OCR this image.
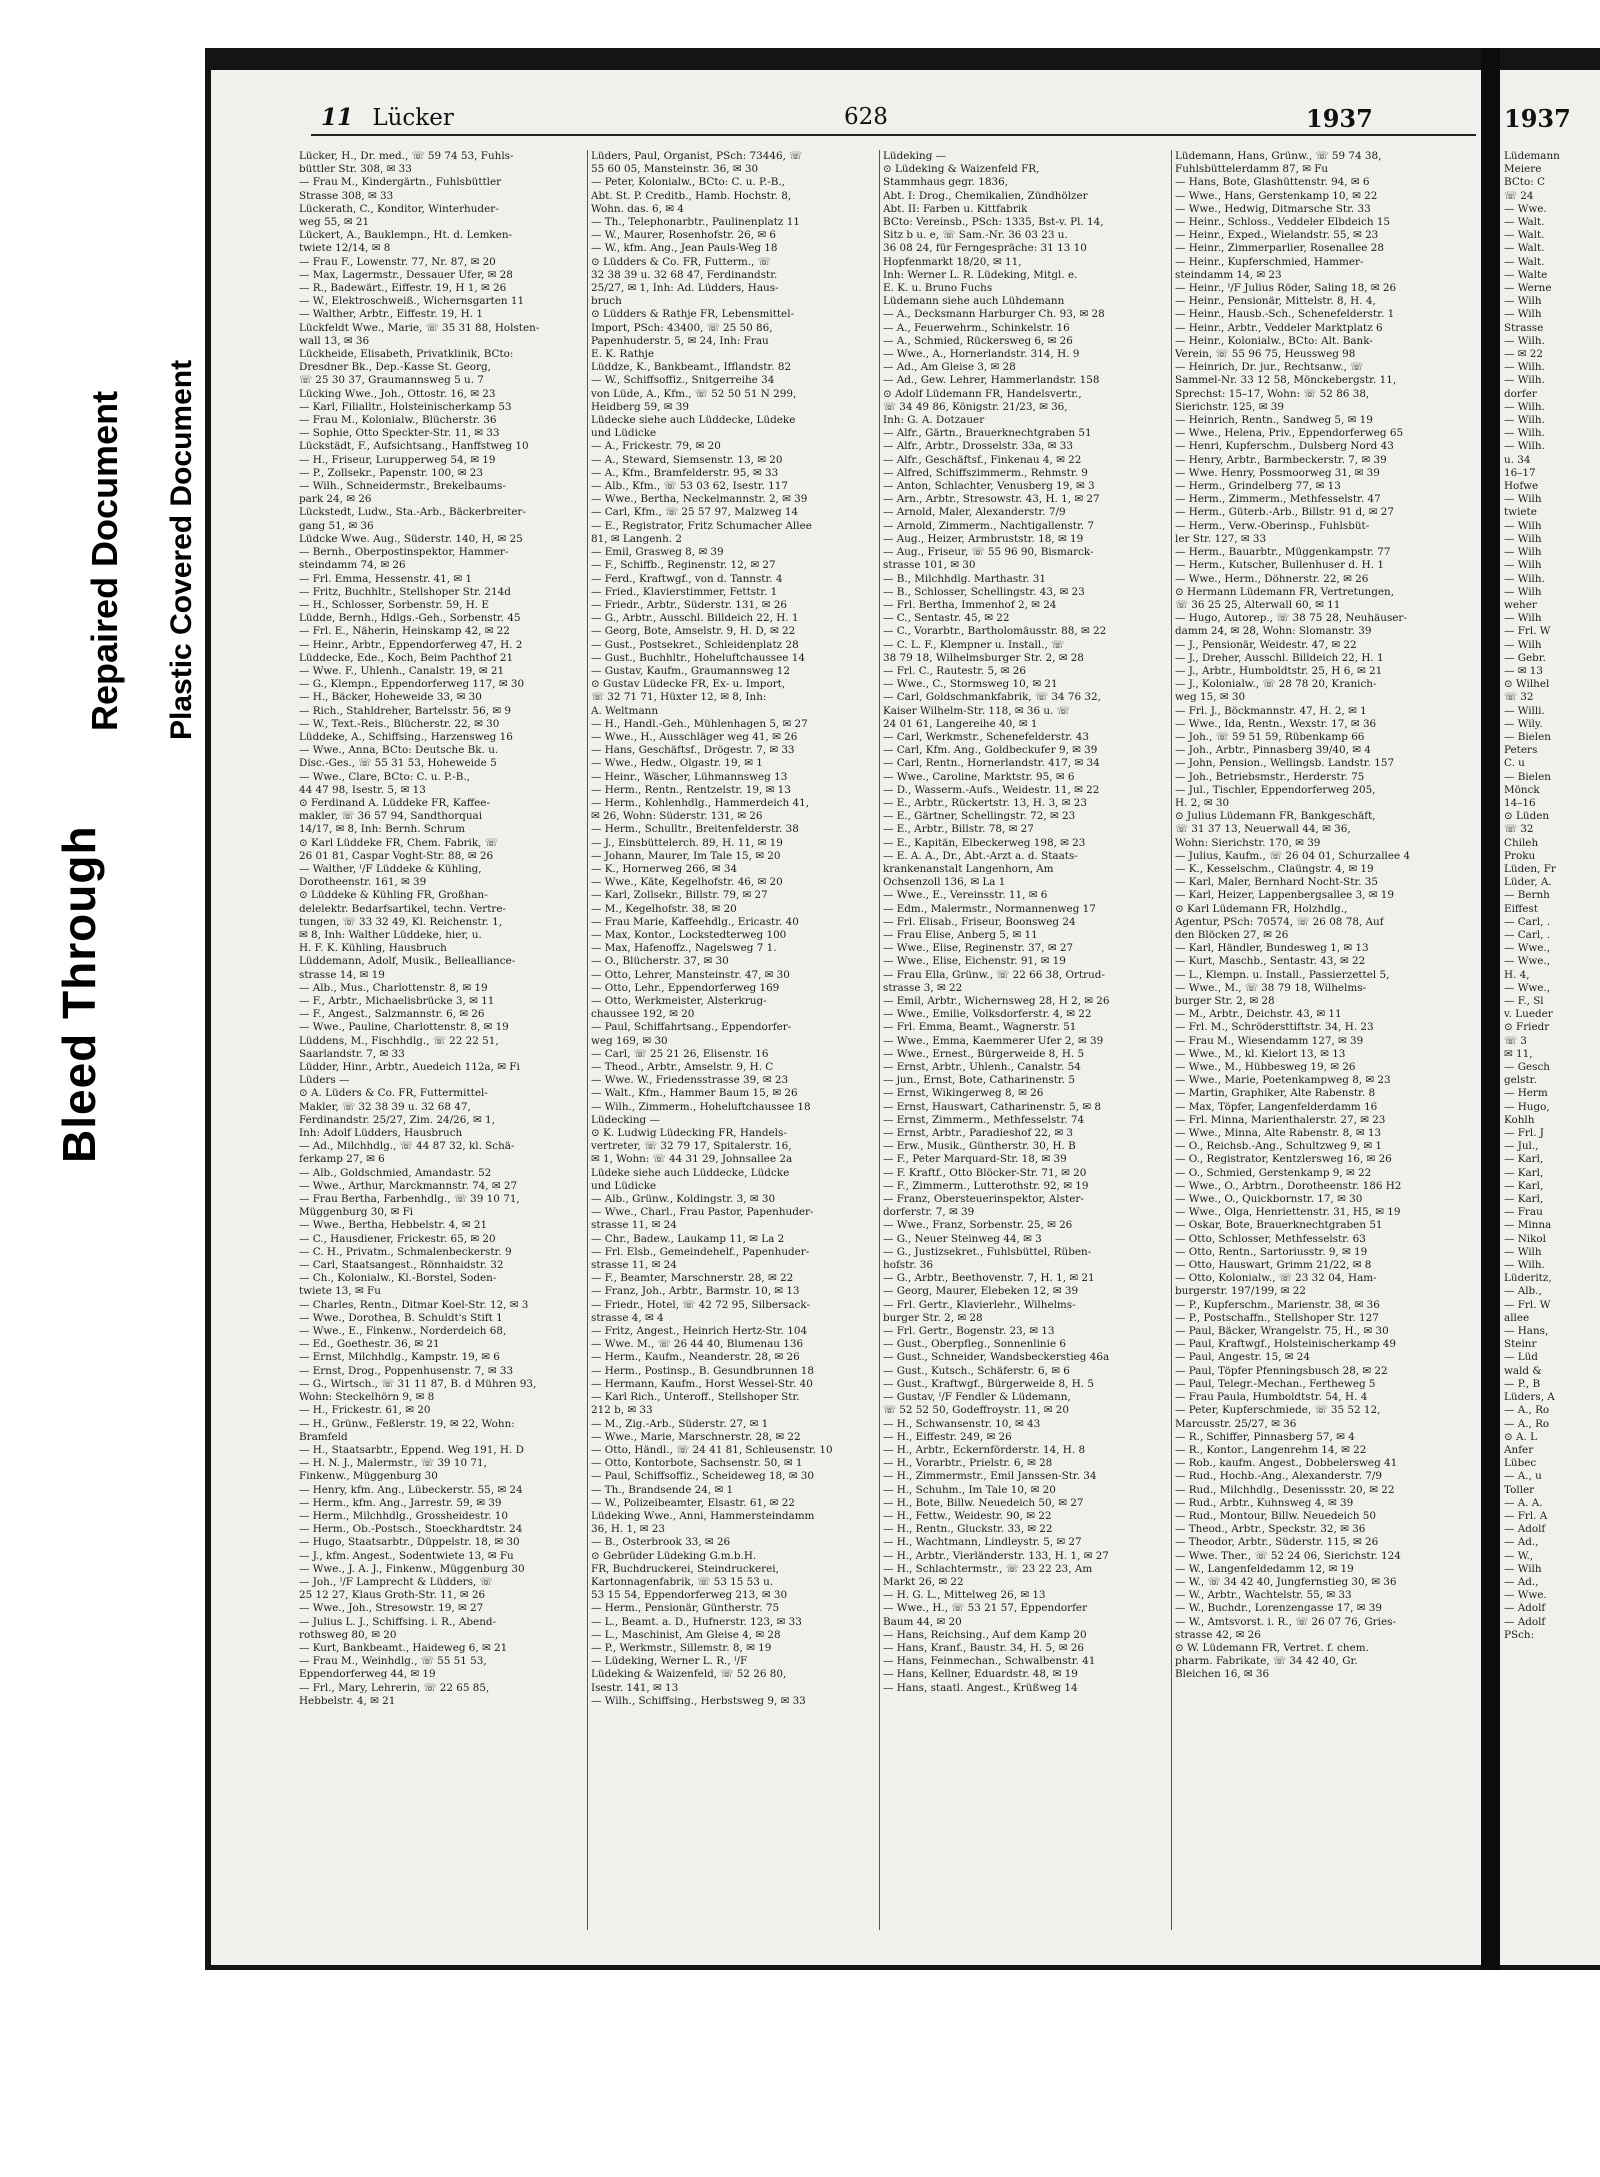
Bleed Through
Repaired Document Plastic Covered Document
11 Lücker	628	1937
Lücker, H., Dr. med., ☏ 59 74 53, Fuhls-
büttler Str. 308, ✉ 33
— Frau M., Kindergärtn., Fuhlsbüttler
Strasse 308, ✉ 33
Lückerath, C., Konditor, Winterhuder-
weg 55, ✉ 21
Lückert, A., Bauklempn., Ht. d. Lemken-
twiete 12/14, ✉ 8
— Frau F., Lowenstr. 77, Nr. 87, ✉ 20
— Max, Lagermstr., Dessauer Ufer, ✉ 28
— R., Badewärt., Eiffestr. 19, H 1, ✉ 26
— W., Elektroschweiß., Wichernsgarten 11
— Walther, Arbtr., Eiffestr. 19, H. 1
Lückfeldt Wwe., Marie, ☏ 35 31 88, Holsten-
wall 13, ✉ 36
Lückheide, Elisabeth, Privatklinik, BCto:
Dresdner Bk., Dep.-Kasse St. Georg,
☏ 25 30 37, Graumannsweg 5 u. 7
Lücking Wwe., Joh., Ottostr. 16, ✉ 23
— Karl, Filialltr., Holsteinischerkamp 53
— Frau M., Kolonialw., Blücherstr. 36
— Sophie, Otto Speckter-Str. 11, ✉ 33
Lückstädt, F., Aufsichtsang., Hanffstweg 10
— H., Friseur, Lurupperweg 54, ✉ 19
— P., Zollsekr., Papenstr. 100, ✉ 23
— Wilh., Schneidermstr., Brekelbaums-
park 24, ✉ 26
Lückstedt, Ludw., Sta.-Arb., Bäckerbreiter-
gang 51, ✉ 36
Lüdcke Wwe. Aug., Süderstr. 140, H, ✉ 25
— Bernh., Oberpostinspektor, Hammer-
steindamm 74, ✉ 26
— Frl. Emma, Hessenstr. 41, ✉ 1
— Fritz, Buchhltr., Stellshoper Str. 214d
— H., Schlosser, Sorbenstr. 59, H. E
Lüdde, Bernh., Hdlgs.-Geh., Sorbenstr. 45
— Frl. E., Näherin, Heinskamp 42, ✉ 22
— Heinr., Arbtr., Eppendorferweg 47, H. 2
Lüddecke, Ede., Koch, Beim Pachthof 21
— Wwe. F., Uhlenh., Canalstr. 19, ✉ 21
— G., Klempn., Eppendorferweg 117, ✉ 30
— H., Bäcker, Hoheweide 33, ✉ 30
— Rich., Stahldreher, Bartelsstr. 56, ✉ 9
— W., Text.-Reis., Blücherstr. 22, ✉ 30
Lüddeke, A., Schiffsing., Harzensweg 16
— Wwe., Anna, BCto: Deutsche Bk. u.
Disc.-Ges., ☏ 55 31 53, Hoheweide 5
— Wwe., Clare, BCto: C. u. P.-B.,
44 47 98, Isestr. 5, ✉ 13
⊙ Ferdinand A. Lüddeke FR, Kaffee-
makler, ☏ 36 57 94, Sandthorquai
14/17, ✉ 8, Inh: Bernh. Schrum
⊙ Karl Lüddeke FR, Chem. Fabrik, ☏
26 01 81, Caspar Voght-Str. 88, ✉ 26
— Walther, ᴵ/F Lüddeke & Kühling,
Dorotheenstr. 161, ✉ 39
⊙ Lüddeke & Kühling FR, Großhan-
delelektr. Bedarfsartikel, techn. Vertre-
tungen, ☏ 33 32 49, Kl. Reichenstr. 1,
✉ 8, Inh: Walther Lüddeke, hier, u.
H. F. K. Kühling, Hausbruch
Lüddemann, Adolf, Musik., Bellealliance-
strasse 14, ✉ 19
— Alb., Mus., Charlottenstr. 8, ✉ 19
— F., Arbtr., Michaelisbrücke 3, ✉ 11
— F., Angest., Salzmannstr. 6, ✉ 26
— Wwe., Pauline, Charlottenstr. 8, ✉ 19
Lüddens, M., Fischhdlg., ☏ 22 22 51,
Saarlandstr. 7, ✉ 33
Lüdder, Hinr., Arbtr., Auedeich 112a, ✉ Fi
Lüders —
⊙ A. Lüders & Co. FR, Futtermittel-
Makler, ☏ 32 38 39 u. 32 68 47,
Ferdinandstr. 25/27, Zim. 24/26, ✉ 1,
Inh: Adolf Lüdders, Hausbruch
— Ad., Milchhdlg., ☏ 44 87 32, kl. Schä-
ferkamp 27, ✉ 6
— Alb., Goldschmied, Amandastr. 52
— Wwe., Arthur, Marckmannstr. 74, ✉ 27
— Frau Bertha, Farbenhdlg., ☏ 39 10 71,
Müggenburg 30, ✉ Fi
— Wwe., Bertha, Hebbelstr. 4, ✉ 21
— C., Hausdiener, Frickestr. 65, ✉ 20
— C. H., Privatm., Schmalenbeckerstr. 9
— Carl, Staatsangest., Rönnhaidstr. 32
— Ch., Kolonialw., Kl.-Borstel, Soden-
twiete 13, ✉ Fu
— Charles, Rentn., Ditmar Koel-Str. 12, ✉ 3
— Wwe., Dorothea, B. Schuldt's Stift 1
— Wwe., E., Finkenw., Norderdeich 68,
— Ed., Goethestr. 36, ✉ 21
— Ernst, Milchhdlg., Kampstr. 19, ✉ 6
— Ernst, Drog., Poppenhusenstr. 7, ✉ 33
— G., Wirtsch., ☏ 31 11 87, B. d Mühren 93,
Wohn: Steckelhörn 9, ✉ 8
— H., Frickestr. 61, ✉ 20
— H., Grünw., Feßlerstr. 19, ✉ 22, Wohn:
Bramfeld
— H., Staatsarbtr., Eppend. Weg 191, H. D
— H. N. J., Malermstr., ☏ 39 10 71,
Finkenw., Müggenburg 30
— Henry, kfm. Ang., Lübeckerstr. 55, ✉ 24
— Herm., kfm. Ang., Jarrestr. 59, ✉ 39
— Herm., Milchhdlg., Grossheidestr. 10
— Herm., Ob.-Postsch., Stoeckhardtstr. 24
— Hugo, Staatsarbtr., Düppelstr. 18, ✉ 30
— J., kfm. Angest., Sodentwiete 13, ✉ Fu
— Wwe., J. A. J., Finkenw., Müggenburg 30
— Joh., ᴵ/F Lamprecht & Lüdders, ☏
25 12 27, Klaus Groth-Str. 11, ✉ 26
— Wwe., Joh., Stresowstr. 19, ✉ 27
— Julius L. J., Schiffsing. i. R., Abend-
rothsweg 80, ✉ 20
— Kurt, Bankbeamt., Haideweg 6, ✉ 21
— Frau M., Weinhdlg., ☏ 55 51 53,
Eppendorferweg 44, ✉ 19
— Frl., Mary, Lehrerin, ☏ 22 65 85,
Hebbelstr. 4, ✉ 21
Lüders, Paul, Organist, PSch: 73446, ☏
55 60 05, Mansteinstr. 36, ✉ 30
— Peter, Kolonialw., BCto: C. u. P.-B.,
Abt. St. P. Creditb., Hamb. Hochstr. 8,
Wohn. das. 6, ✉ 4
— Th., Telephonarbtr., Paulinenplatz 11
— W., Maurer, Rosenhofstr. 26, ✉ 6
— W., kfm. Ang., Jean Pauls-Weg 18
⊙ Lüdders & Co. FR, Futterm., ☏
32 38 39 u. 32 68 47, Ferdinandstr.
25/27, ✉ 1, Inh: Ad. Lüdders, Haus-
bruch
⊙ Lüdders & Rathje FR, Lebensmittel-
Import, PSch: 43400, ☏ 25 50 86,
Papenhuderstr. 5, ✉ 24, Inh: Frau
E. K. Rathje
Lüddze, K., Bankbeamt., Ifflandstr. 82
— W., Schiffsoffiz., Snitgerreihe 34
von Lüde, A., Kfm., ☏ 52 50 51 N 299,
Heidberg 59, ✉ 39
Lüdecke siehe auch Lüddecke, Lüdeke
und Lüdicke
— A., Frickestr. 79, ✉ 20
— A., Steward, Siemsenstr. 13, ✉ 20
— A., Kfm., Bramfelderstr. 95, ✉ 33
— Alb., Kfm., ☏ 53 03 62, Isestr. 117
— Wwe., Bertha, Neckelmannstr. 2, ✉ 39
— Carl, Kfm., ☏ 25 57 97, Malzweg 14
— E., Registrator, Fritz Schumacher Allee
81, ✉ Langenh. 2
— Emil, Grasweg 8, ✉ 39
— F., Schiffb., Reginenstr. 12, ✉ 27
— Ferd., Kraftwgf., von d. Tannstr. 4
— Fried., Klavierstimmer, Fettstr. 1
— Friedr., Arbtr., Süderstr. 131, ✉ 26
— G., Arbtr., Ausschl. Billdeich 22, H. 1
— Georg, Bote, Amselstr. 9, H. D, ✉ 22
— Gust., Postsekret., Schleidenplatz 28
— Gust., Buchhltr., Hoheluftchaussee 14
— Gustav, Kaufm., Graumannsweg 12
⊙ Gustav Lüdecke FR, Ex- u. Import,
☏ 32 71 71, Hüxter 12, ✉ 8, Inh:
A. Weltmann
— H., Handl.-Geh., Mühlenhagen 5, ✉ 27
— Wwe., H., Ausschläger weg 41, ✉ 26
— Hans, Geschäftsf., Drögestr. 7, ✉ 33
— Wwe., Hedw., Olgastr. 19, ✉ 1
— Heinr., Wäscher, Lühmannsweg 13
— Herm., Rentn., Rentzelstr. 19, ✉ 13
— Herm., Kohlenhdlg., Hammerdeich 41,
✉ 26, Wohn: Süderstr. 131, ✉ 26
— Herm., Schulltr., Breitenfelderstr. 38
— J., Einsbüttelerch. 89, H. 11, ✉ 19
— Johann, Maurer, Im Tale 15, ✉ 20
— K., Hornerweg 266, ✉ 34
— Wwe., Käte, Kegelhofstr. 46, ✉ 20
— Karl, Zollsekr., Billstr. 79, ✉ 27
— M., Kegelhofstr. 38, ✉ 20
— Frau Marie, Kaffeehdlg., Ericastr. 40
— Max, Kontor., Lockstedterweg 100
— Max, Hafenoffz., Nagelsweg 7 1.
— O., Blücherstr. 37, ✉ 30
— Otto, Lehrer, Mansteinstr. 47, ✉ 30
— Otto, Lehr., Eppendorferweg 169
— Otto, Werkmeister, Alsterkrug-
chaussee 192, ✉ 20
— Paul, Schiffahrtsang., Eppendorfer-
weg 169, ✉ 30
— Carl, ☏ 25 21 26, Elisenstr. 16
— Theod., Arbtr., Amselstr. 9, H. C
— Wwe. W., Friedensstrasse 39, ✉ 23
— Walt., Kfm., Hammer Baum 15, ✉ 26
— Wilh., Zimmerm., Hoheluftchaussee 18
Lüdecking —
⊙ K. Ludwig Lüdecking FR, Handels-
vertreter, ☏ 32 79 17, Spitalerstr. 16,
✉ 1, Wohn: ☏ 44 31 29, Johnsallee 2a
Lüdeke siehe auch Lüddecke, Lüdcke
und Lüdicke
— Alb., Grünw., Koldingstr. 3, ✉ 30
— Wwe., Charl., Frau Pastor, Papenhuder-
strasse 11, ✉ 24
— Chr., Badew., Laukamp 11, ✉ La 2
— Frl. Elsb., Gemeindehelf., Papenhuder-
strasse 11, ✉ 24
— F., Beamter, Marschnerstr. 28, ✉ 22
— Franz, Joh., Arbtr., Barmstr. 10, ✉ 13
— Friedr., Hotel, ☏ 42 72 95, Silbersack-
strasse 4, ✉ 4
— Fritz, Angest., Heinrich Hertz-Str. 104
— Wwe. M., ☏ 26 44 40, Blumenau 136
— Herm., Kaufm., Neanderstr. 28, ✉ 26
— Herm., Postinsp., B. Gesundbrunnen 18
— Hermann, Kaufm., Horst Wessel-Str. 40
— Karl Rich., Unteroff., Stellshoper Str.
212 b, ✉ 33
— M., Zig.-Arb., Süderstr. 27, ✉ 1
— Wwe., Marie, Marschnerstr. 28, ✉ 22
— Otto, Händl., ☏ 24 41 81, Schleusenstr. 10
— Otto, Kontorbote, Sachsenstr. 50, ✉ 1
— Paul, Schiffsoffiz., Scheideweg 18, ✉ 30
— Th., Brandsende 24, ✉ 1
— W., Polizeibeamter, Elsastr. 61, ✉ 22
Lüdeking Wwe., Anni, Hammersteindamm
36, H. 1, ✉ 23
— B., Osterbrook 33, ✉ 26
⊙ Gebrüder Lüdeking G.m.b.H.
FR, Buchdruckerei, Steindruckerei,
Kartonnagenfabrik, ☏ 53 15 53 u.
53 15 54, Eppendorferweg 213, ✉ 30
— Herm., Pensionär, Güntherstr. 75
— L., Beamt. a. D., Hufnerstr. 123, ✉ 33
— L., Maschinist, Am Gleise 4, ✉ 28
— P., Werkmstr., Sillemstr. 8, ✉ 19
— Lüdeking, Werner L. R., ᴵ/F
Lüdeking & Waizenfeld, ☏ 52 26 80,
Isestr. 141, ✉ 13
— Wilh., Schiffsing., Herbstsweg 9, ✉ 33
Lüdeking —
⊙ Lüdeking & Waizenfeld FR,
Stammhaus gegr. 1836,
Abt. I: Drog., Chemikalien, Zündhölzer
Abt. II: Farben u. Kittfabrik
BCto: Vereinsb., PSch: 1335, Bst-v. Pl. 14,
Sitz b u. e, ☏ Sam.-Nr. 36 03 23 u.
36 08 24, für Ferngespräche: 31 13 10
Hopfenmarkt 18/20, ✉ 11,
Inh: Werner L. R. Lüdeking, Mitgl. e.
E. K. u. Bruno Fuchs
Lüdemann siehe auch Lühdemann
— A., Decksmann Harburger Ch. 93, ✉ 28
— A., Feuerwehrm., Schinkelstr. 16
— A., Schmied, Rückersweg 6, ✉ 26
— Wwe., A., Hornerlandstr. 314, H. 9
— Ad., Am Gleise 3, ✉ 28
— Ad., Gew. Lehrer, Hammerlandstr. 158
⊙ Adolf Lüdemann FR, Handelsvertr.,
☏ 34 49 86, Königstr. 21/23, ✉ 36,
Inh: G. A. Dotzauer
— Alfr., Gärtn., Brauerknechtgraben 51
— Alfr., Arbtr., Drosselstr. 33a, ✉ 33
— Alfr., Geschäftsf., Finkenau 4, ✉ 22
— Alfred, Schiffszimmerm., Rehmstr. 9
— Anton, Schlachter, Venusberg 19, ✉ 3
— Arn., Arbtr., Stresowstr. 43, H. 1, ✉ 27
— Arnold, Maler, Alexanderstr. 7/9
— Arnold, Zimmerm., Nachtigallenstr. 7
— Aug., Heizer, Armbruststr. 18, ✉ 19
— Aug., Friseur, ☏ 55 96 90, Bismarck-
strasse 101, ✉ 30
— B., Milchhdlg. Marthastr. 31
— B., Schlosser, Schellingstr. 43, ✉ 23
— Frl. Bertha, Immenhof 2, ✉ 24
— C., Sentastr. 45, ✉ 22
— C., Vorarbtr., Bartholomäusstr. 88, ✉ 22
— C. L. F., Klempner u. Install., ☏
38 79 18, Wilhelmsburger Str. 2, ✉ 28
— Frl. C., Rautestr. 5, ✉ 26
— Wwe., C., Stormsweg 10, ✉ 21
— Carl, Goldschmankfabrik, ☏ 34 76 32,
Kaiser Wilhelm-Str. 118, ✉ 36 u. ☏
24 01 61, Langereihe 40, ✉ 1
— Carl, Werkmstr., Schenefelderstr. 43
— Carl, Kfm. Ang., Goldbeckufer 9, ✉ 39
— Carl, Rentn., Hornerlandstr. 417, ✉ 34
— Wwe., Caroline, Marktstr. 95, ✉ 6
— D., Wasserm.-Aufs., Weidestr. 11, ✉ 22
— E., Arbtr., Rückertstr. 13, H. 3, ✉ 23
— E., Gärtner, Schellingstr. 72, ✉ 23
— E., Arbtr., Billstr. 78, ✉ 27
— E., Kapitän, Elbeckerweg 198, ✉ 23
— E. A. A., Dr., Abt.-Arzt a. d. Staats-
krankenanstalt Langenhorn, Am
Ochsenzoll 136, ✉ La 1
— Wwe., E., Vereinsstr. 11, ✉ 6
— Edm., Malermstr., Normannenweg 17
— Frl. Elisab., Friseur, Boonsweg 24
— Frau Elise, Anberg 5, ✉ 11
— Wwe., Elise, Reginenstr. 37, ✉ 27
— Wwe., Elise, Eichenstr. 91, ✉ 19
— Frau Ella, Grünw., ☏ 22 66 38, Ortrud-
strasse 3, ✉ 22
— Emil, Arbtr., Wichernsweg 28, H 2, ✉ 26
— Wwe., Emilie, Volksdorferstr. 4, ✉ 22
— Frl. Emma, Beamt., Wagnerstr. 51
— Wwe., Emma, Kaemmerer Ufer 2, ✉ 39
— Wwe., Ernest., Bürgerweide 8, H. 5
— Ernst, Arbtr., Uhlenh., Canalstr. 54
— jun., Ernst, Bote, Catharinenstr. 5
— Ernst, Wikingerweg 8, ✉ 26
— Ernst, Hauswart, Catharinenstr. 5, ✉ 8
— Ernst, Zimmerm., Methfesselstr. 74
— Ernst, Arbtr., Paradieshof 22, ✉ 3
— Erw., Musik., Güntherstr. 30, H. B
— F., Peter Marquard-Str. 18, ✉ 39
— F. Kraftf., Otto Blöcker-Str. 71, ✉ 20
— F., Zimmerm., Lutterothstr. 92, ✉ 19
— Franz, Obersteuerinspektor, Alster-
dorferstr. 7, ✉ 39
— Wwe., Franz, Sorbenstr. 25, ✉ 26
— G., Neuer Steinweg 44, ✉ 3
— G., Justizsekret., Fuhlsbüttel, Rüben-
hofstr. 36
— G., Arbtr., Beethovenstr. 7, H. 1, ✉ 21
— Georg, Maurer, Elebeken 12, ✉ 39
— Frl. Gertr., Klavierlehr., Wilhelms-
burger Str. 2, ✉ 28
— Frl. Gertr., Bogenstr. 23, ✉ 13
— Gust., Oberpfleg., Sonnenlinie 6
— Gust., Schneider, Wandsbeckerstieg 46a
— Gust., Kutsch., Schäferstr. 6, ✉ 6
— Gust., Kraftwgf., Bürgerweide 8, H. 5
— Gustav, ᴵ/F Fendler & Lüdemann,
☏ 52 52 50, Godeffroystr. 11, ✉ 20
— H., Schwansenstr. 10, ✉ 43
— H., Eiffestr. 249, ✉ 26
— H., Arbtr., Eckernförderstr. 14, H. 8
— H., Vorarbtr., Prielstr. 6, ✉ 28
— H., Zimmermstr., Emil Janssen-Str. 34
— H., Schuhm., Im Tale 10, ✉ 20
— H., Bote, Billw. Neuedeich 50, ✉ 27
— H., Fettw., Weidestr. 90, ✉ 22
— H., Rentn., Gluckstr. 33, ✉ 22
— H., Wachtmann, Lindleystr. 5, ✉ 27
— H., Arbtr., Vierländerstr. 133, H. 1, ✉ 27
— H., Schlachtermstr., ☏ 23 22 23, Am
Markt 26, ✉ 22
— H. G. L., Mittelweg 26, ✉ 13
— Wwe., H., ☏ 53 21 57, Eppendorfer
Baum 44, ✉ 20
— Hans, Reichsing., Auf dem Kamp 20
— Hans, Kranf., Baustr. 34, H. 5, ✉ 26
— Hans, Feinmechan., Schwalbenstr. 41
— Hans, Kellner, Eduardstr. 48, ✉ 19
— Hans, staatl. Angest., Krüßweg 14
Lüdemann, Hans, Grünw., ☏ 59 74 38,
Fuhlsbüttelerdamm 87, ✉ Fu
— Hans, Bote, Glashüttenstr. 94, ✉ 6
— Wwe., Hans, Gerstenkamp 10, ✉ 22
— Wwe., Hedwig, Ditmarsche Str. 33
— Heinr., Schloss., Veddeler Elbdeich 15
— Heinr., Exped., Wielandstr. 55, ✉ 23
— Heinr., Zimmerparlier, Rosenallee 28
— Heinr., Kupferschmied, Hammer-
steindamm 14, ✉ 23
— Heinr., ᴵ/F Julius Röder, Saling 18, ✉ 26
— Heinr., Pensionär, Mittelstr. 8, H. 4,
— Heinr., Hausb.-Sch., Schenefelderstr. 1
— Heinr., Arbtr., Veddeler Marktplatz 6
— Heinr., Kolonialw., BCto: Alt. Bank-
Verein, ☏ 55 96 75, Heussweg 98
— Heinrich, Dr. jur., Rechtsanw., ☏
Sammel-Nr. 33 12 58, Mönckebergstr. 11,
Sprechst: 15–17, Wohn: ☏ 52 86 38,
Sierichstr. 125, ✉ 39
— Heinrich, Rentn., Sandweg 5, ✉ 19
— Wwe., Helena, Priv., Eppendorferweg 65
— Henri, Kupferschm., Dulsberg Nord 43
— Henry, Arbtr., Barmbeckerstr. 7, ✉ 39
— Wwe. Henry, Possmoorweg 31, ✉ 39
— Herm., Grindelberg 77, ✉ 13
— Herm., Zimmerm., Methfesselstr. 47
— Herm., Güterb.-Arb., Billstr. 91 d, ✉ 27
— Herm., Verw.-Oberinsp., Fuhlsbüt-
ler Str. 127, ✉ 33
— Herm., Bauarbtr., Müggenkampstr. 77
— Herm., Kutscher, Bullenhuser d. H. 1
— Wwe., Herm., Döhnerstr. 22, ✉ 26
⊙ Hermann Lüdemann FR, Vertretungen,
☏ 36 25 25, Alterwall 60, ✉ 11
— Hugo, Autorep., ☏ 38 75 28, Neuhäuser-
damm 24, ✉ 28, Wohn: Slomanstr. 39
— J., Pensionär, Weidestr. 47, ✉ 22
— J., Dreher, Ausschl. Billdeich 22, H. 1
— J., Arbtr., Humboldtstr. 25, H 6, ✉ 21
— J., Kolonialw., ☏ 28 78 20, Kranich-
weg 15, ✉ 30
— Frl. J., Böckmannstr. 47, H. 2, ✉ 1
— Wwe., Ida, Rentn., Wexstr. 17, ✉ 36
— Joh., ☏ 59 51 59, Rübenkamp 66
— Joh., Arbtr., Pinnasberg 39/40, ✉ 4
— John, Pension., Wellingsb. Landstr. 157
— Joh., Betriebsmstr., Herderstr. 75
— Jul., Tischler, Eppendorferweg 205,
H. 2, ✉ 30
⊙ Julius Lüdemann FR, Bankgeschäft,
☏ 31 37 13, Neuerwall 44, ✉ 36,
Wohn: Sierichstr. 170, ✉ 39
— Julius, Kaufm., ☏ 26 04 01, Schurzallee 4
— K., Kesselschm., Claüngstr. 4, ✉ 19
— Karl, Maler, Bernhard Nocht-Str. 35
— Karl, Heizer, Lappenbergsallee 3, ✉ 19
⊙ Karl Lüdemann FR, Holzhdlg.,
Agentur, PSch: 70574, ☏ 26 08 78, Auf
den Blöcken 27, ✉ 26
— Karl, Händler, Bundesweg 1, ✉ 13
— Kurt, Maschb., Sentastr. 43, ✉ 22
— L., Klempn. u. Install., Passierzettel 5,
— Wwe., M., ☏ 38 79 18, Wilhelms-
burger Str. 2, ✉ 28
— M., Arbtr., Deichstr. 43, ✉ 11
— Frl. M., Schrödersttiftstr. 34, H. 23
— Frau M., Wiesendamm 127, ✉ 39
— Wwe., M., kl. Kielort 13, ✉ 13
— Wwe., M., Hübbesweg 19, ✉ 26
— Wwe., Marie, Poetenkampweg 8, ✉ 23
— Martin, Graphiker, Alte Rabenstr. 8
— Max, Töpfer, Langenfelderdamm 16
— Frl. Minna, Marienthalerstr. 27, ✉ 23
— Wwe., Minna, Alte Rabenstr. 8, ✉ 13
— O., Reichsb.-Ang., Schultzweg 9, ✉ 1
— O., Registrator, Kentzlersweg 16, ✉ 26
— O., Schmied, Gerstenkamp 9, ✉ 22
— Wwe., O., Arbtrn., Dorotheenstr. 186 H2
— Wwe., O., Quickbornstr. 17, ✉ 30
— Wwe., Olga, Henriettenstr. 31, H5, ✉ 19
— Oskar, Bote, Brauerknechtgraben 51
— Otto, Schlosser, Methfesselstr. 63
— Otto, Rentn., Sartoriusstr. 9, ✉ 19
— Otto, Hauswart, Grimm 21/22, ✉ 8
— Otto, Kolonialw., ☏ 23 32 04, Ham-
burgerstr. 197/199, ✉ 22
— P., Kupferschm., Marienstr. 38, ✉ 36
— P., Postschaffn., Stellshoper Str. 127
— Paul, Bäcker, Wrangelstr. 75, H., ✉ 30
— Paul, Kraftwgf., Holsteinischerkamp 49
— Paul, Angestr. 15, ✉ 24
— Paul, Töpfer Pfenningsbusch 28, ✉ 22
— Paul, Telegr.-Mechan., Fertheweg 5
— Frau Paula, Humboldtstr. 54, H. 4
— Peter, Kupferschmiede, ☏ 35 52 12,
Marcusstr. 25/27, ✉ 36
— R., Schiffer, Pinnasberg 57, ✉ 4
— R., Kontor., Langenrehm 14, ✉ 22
— Rob., kaufm. Angest., Dobbelersweg 41
— Rud., Hochb.-Ang., Alexanderstr. 7/9
— Rud., Milchhdlg., Desenissstr. 20, ✉ 22
— Rud., Arbtr., Kuhnsweg 4, ✉ 39
— Rud., Montour, Billw. Neuedeich 50
— Theod., Arbtr., Speckstr. 32, ✉ 36
— Theodor, Arbtr., Süderstr. 115, ✉ 26
— Wwe. Ther., ☏ 52 24 06, Sierichstr. 124
— W., Langenfeldedamm 12, ✉ 19
— W., ☏ 34 42 40, Jungfernstieg 30, ✉ 36
— W., Arbtr., Wachtelstr. 55, ✉ 33
— W., Buchdr., Lorenzengasse 17, ✉ 39
— W., Amtsvorst. i. R., ☏ 26 07 76, Gries-
strasse 42, ✉ 26
⊙ W. Lüdemann FR, Vertret. f. chem.
pharm. Fabrikate, ☏ 34 42 40, Gr.
Bleichen 16, ✉ 36
1937
Lüdemann
Meiere
BCto: C
☏ 24
— Wwe.
— Walt.
— Walt.
— Walt.
— Walt.
— Walte
— Werne
— Wilh
— Wilh
Strasse
— Wilh.
— ✉ 22
— Wilh.
— Wilh.
dorfer
— Wilh.
— Wilh.
— Wilh.
— Wilh.
u. 34
16–17
Hofwe
— Wilh
twiete
— Wilh
— Wilh
— Wilh
— Wilh
— Wilh.
— Wilh
weher
— Wilh
— Frl. W
— Wilh
— Gebr.
— ✉ 13
⊙ Wilhel
☏ 32
— Willi.
— Wily.
— Bielen
Peters
C. u
— Bielen
Mönck
14–16
⊙ Lüden
☏ 32
Chileh
Proku
Lüden, Fr
Lüder, A.
— Bernh
Eiffest
— Carl, .
— Carl, .
— Wwe.,
— Wwe.,
H. 4,
— Wwe.,
— F., Sl
v. Lueder
⊙ Friedr
☏ 3
✉ 11,
— Gesch
gelstr.
— Herm
— Hugo,
Kohlh
— Frl. J
— Jul.,
— Karl,
— Karl,
— Karl,
— Karl,
— Frau
— Minna
— Nikol
— Wilh
— Wilh.
Lüderitz,
— Alb.,
— Frl. W
allee
— Hans,
Steinr
— Lüd
wald &
— P., B
Lüders, A
— A., Ro
— A., Ro
⊙ A. L
Anfer
Lübec
— A., u
Toller
— A. A.
— Frl. A
— Adolf
— Ad.,
— W.,
— Wilh
— Ad.,
— Wwe.
— Adolf
— Adolf
PSch:
